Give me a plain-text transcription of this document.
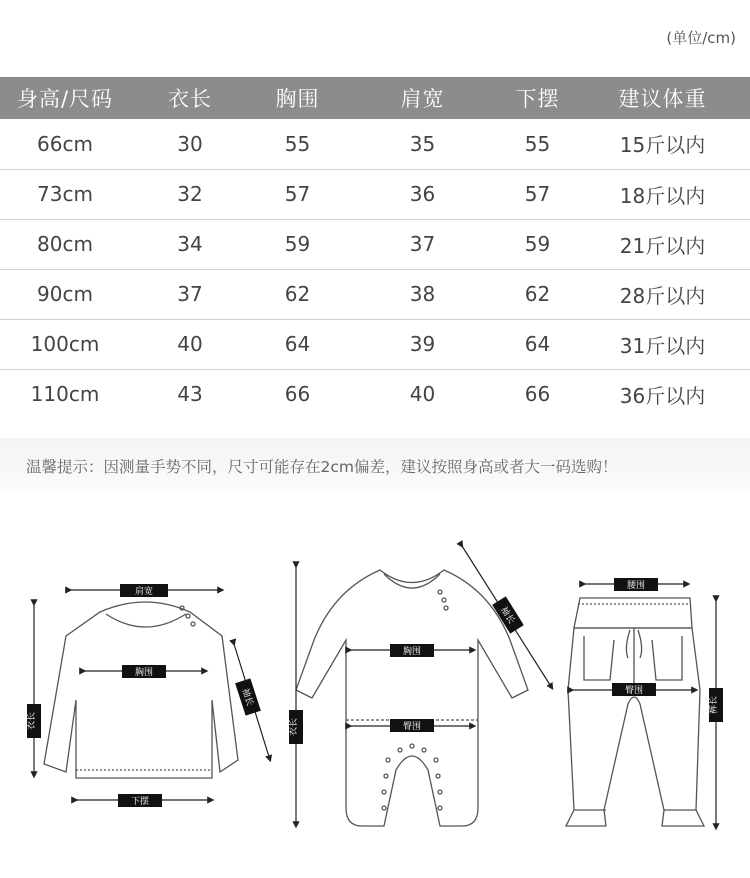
(单位/cm)
身高/尺码	衣长	胸围	肩宽	下摆	建议体重
66cm	30	55	35	55	15斤以内
73cm	32	57	36	57	18斤以内
80cm	34	59	37	59	21斤以内
90cm	37	62	38	62	28斤以内
100cm	40	64	39	64	31斤以内
110cm	43	66	40	66	36斤以内
温馨提示：因测量手势不同，尺寸可能存在2cm偏差，建议按照身高或者大一码选购！
肩宽
胸围
下摆
衣长
袖长
胸围
臀围
衣长
袖长
腰围
臀围
裤长
